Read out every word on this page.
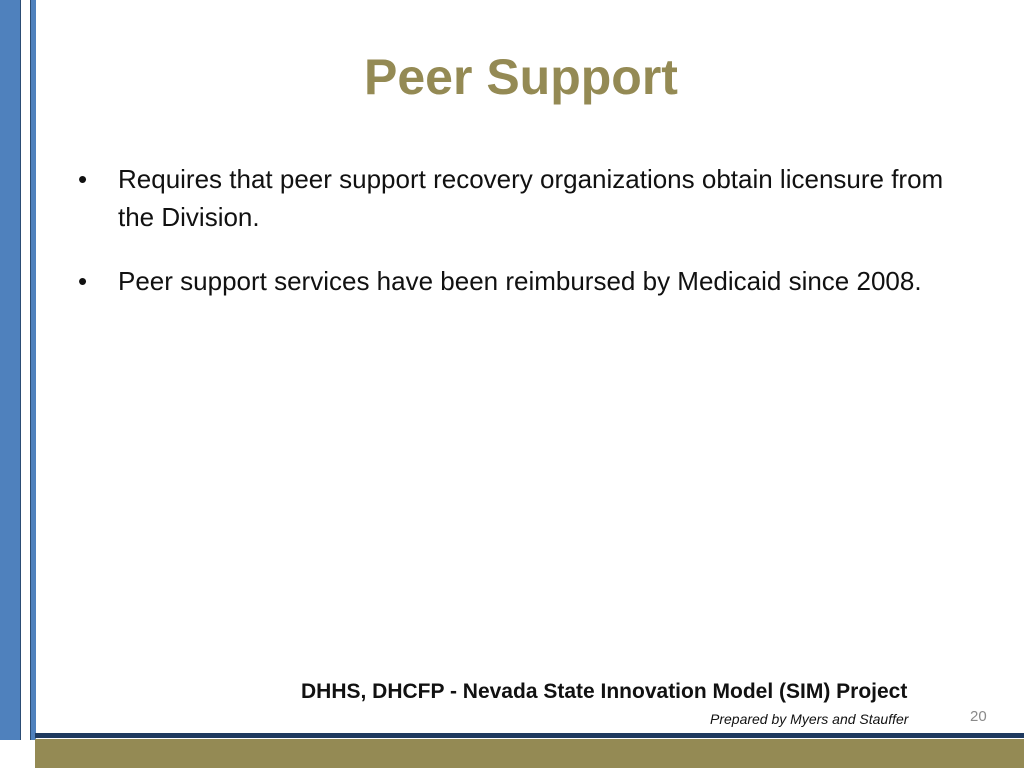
Peer Support
•	Requires that peer support recovery organizations obtain licensure from the Division.
•	Peer support services have been reimbursed by Medicaid since 2008.
DHHS, DHCFP - Nevada State Innovation Model (SIM) Project
Prepared by Myers and Stauffer	20
